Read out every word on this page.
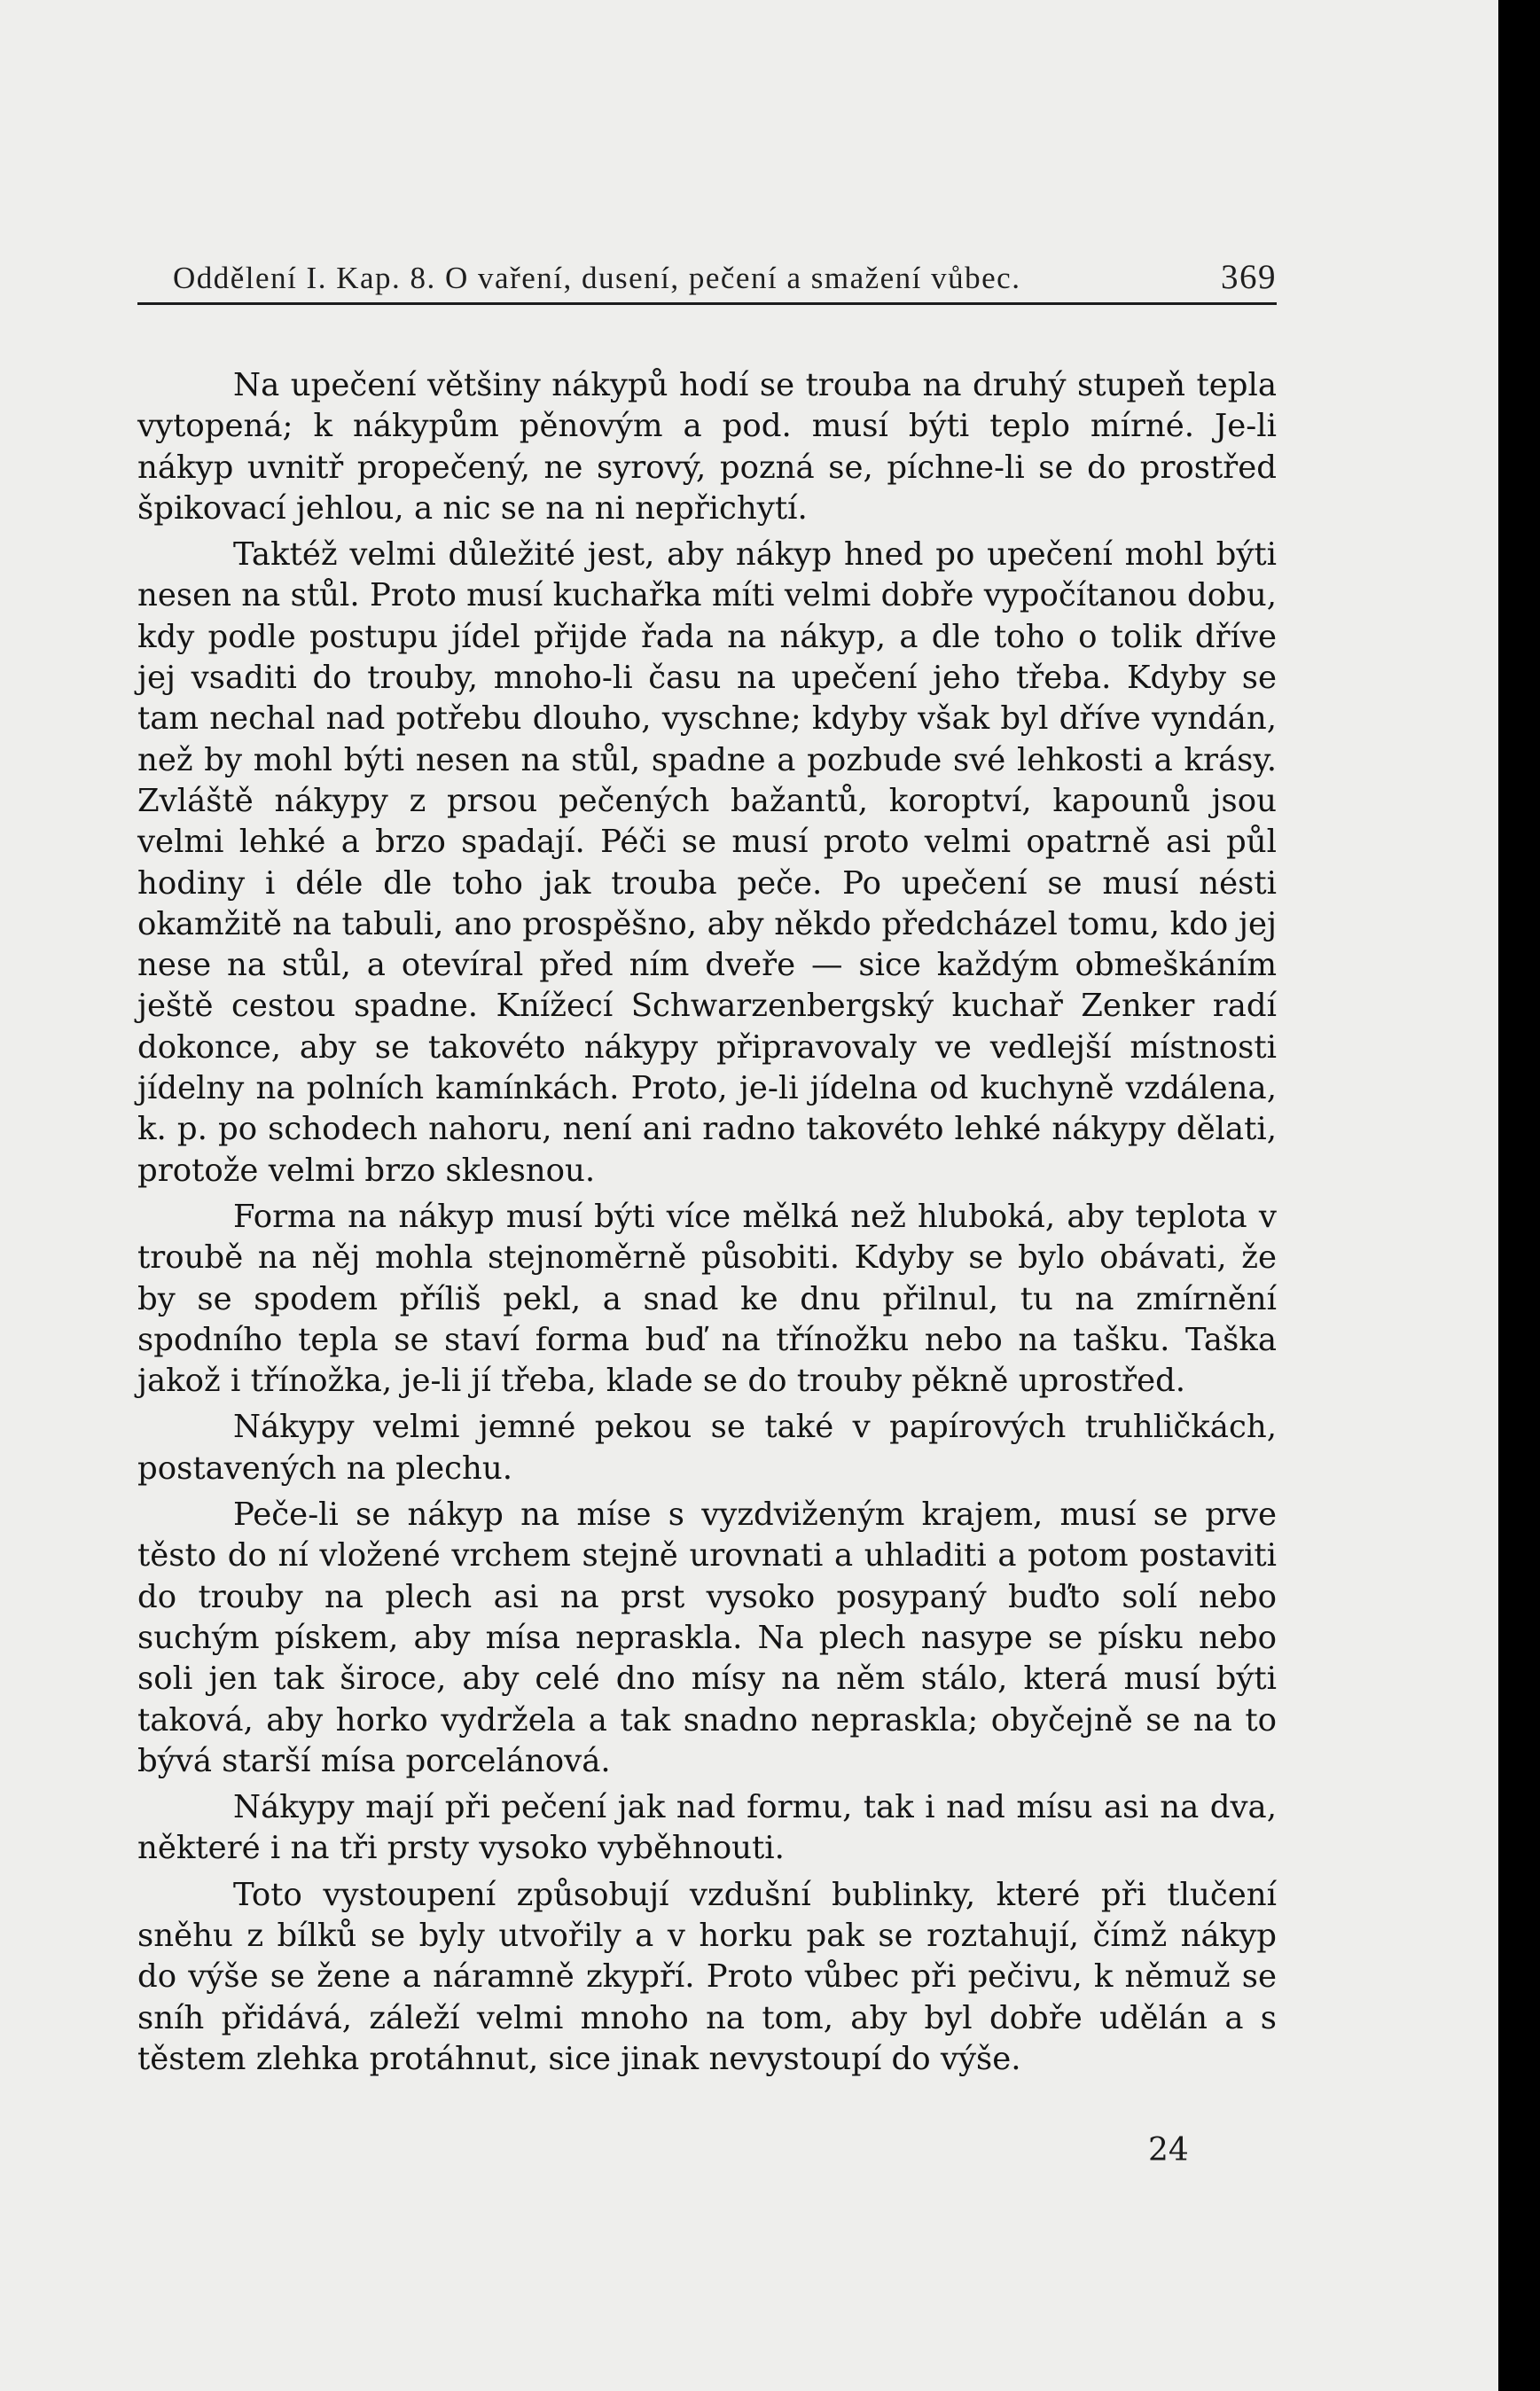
Oddělení I. Kap. 8. O vaření, dusení, pečení a smažení vůbec.	369

Na upečení většiny nákypů hodí se trouba na druhý stupeň tepla vytopená; k nákypům pěnovým a pod. musí býti teplo mírné. Je-li nákyp uvnitř propečený, ne syrový, pozná se, píchne-li se do prostřed špikovací jehlou, a nic se na ni nepřichytí.

Taktéž velmi důležité jest, aby nákyp hned po upečení mohl býti nesen na stůl. Proto musí kuchařka míti velmi dobře vypočítanou dobu, kdy podle postupu jídel přijde řada na nákyp, a dle toho o tolik dříve jej vsaditi do trouby, mnoho-li času na upečení jeho třeba. Kdyby se tam nechal nad potřebu dlouho, vyschne; kdyby však byl dříve vyndán, než by mohl býti nesen na stůl, spadne a pozbude své lehkosti a krásy. Zvláště nákypy z prsou pečených bažantů, koroptví, kapounů jsou velmi lehké a brzo spadají. Péči se musí proto velmi opatrně asi půl hodiny i déle dle toho jak trouba peče. Po upečení se musí nésti okamžitě na tabuli, ano prospěšno, aby někdo předcházel tomu, kdo jej nese na stůl, a otevíral před ním dveře — sice každým obmeškáním ještě cestou spadne. Knížecí Schwarzenbergský kuchař Zenker radí dokonce, aby se takovéto nákypy připravovaly ve vedlejší místnosti jídelny na polních kamínkách. Proto, je-li jídelna od kuchyně vzdálena, k. p. po schodech nahoru, není ani radno takovéto lehké nákypy dělati, protože velmi brzo sklesnou.

Forma na nákyp musí býti více mělká než hluboká, aby teplota v troubě na něj mohla stejnoměrně působiti. Kdyby se bylo obávati, že by se spodem příliš pekl, a snad ke dnu přilnul, tu na zmírnění spodního tepla se staví forma buď na třínožku nebo na tašku. Taška jakož i třínožka, je-li jí třeba, klade se do trouby pěkně uprostřed.

Nákypy velmi jemné pekou se také v papírových truhličkách, postavených na plechu.

Peče-li se nákyp na míse s vyzdviženým krajem, musí se prve těsto do ní vložené vrchem stejně urovnati a uhladiti a potom postaviti do trouby na plech asi na prst vysoko posypaný buďto solí nebo suchým pískem, aby mísa nepraskla. Na plech nasype se písku nebo soli jen tak široce, aby celé dno mísy na něm stálo, která musí býti taková, aby horko vydržela a tak snadno nepraskla; obyčejně se na to bývá starší mísa porcelánová.

Nákypy mají při pečení jak nad formu, tak i nad mísu asi na dva, některé i na tři prsty vysoko vyběhnouti.

Toto vystoupení způsobují vzdušní bublinky, které při tlučení sněhu z bílků se byly utvořily a v horku pak se roztahují, čímž nákyp do výše se žene a náramně zkypří. Proto vůbec při pečivu, k němuž se sníh přidává, záleží velmi mnoho na tom, aby byl dobře udělán a s těstem zlehka protáhnut, sice jinak nevystoupí do výše.

24
